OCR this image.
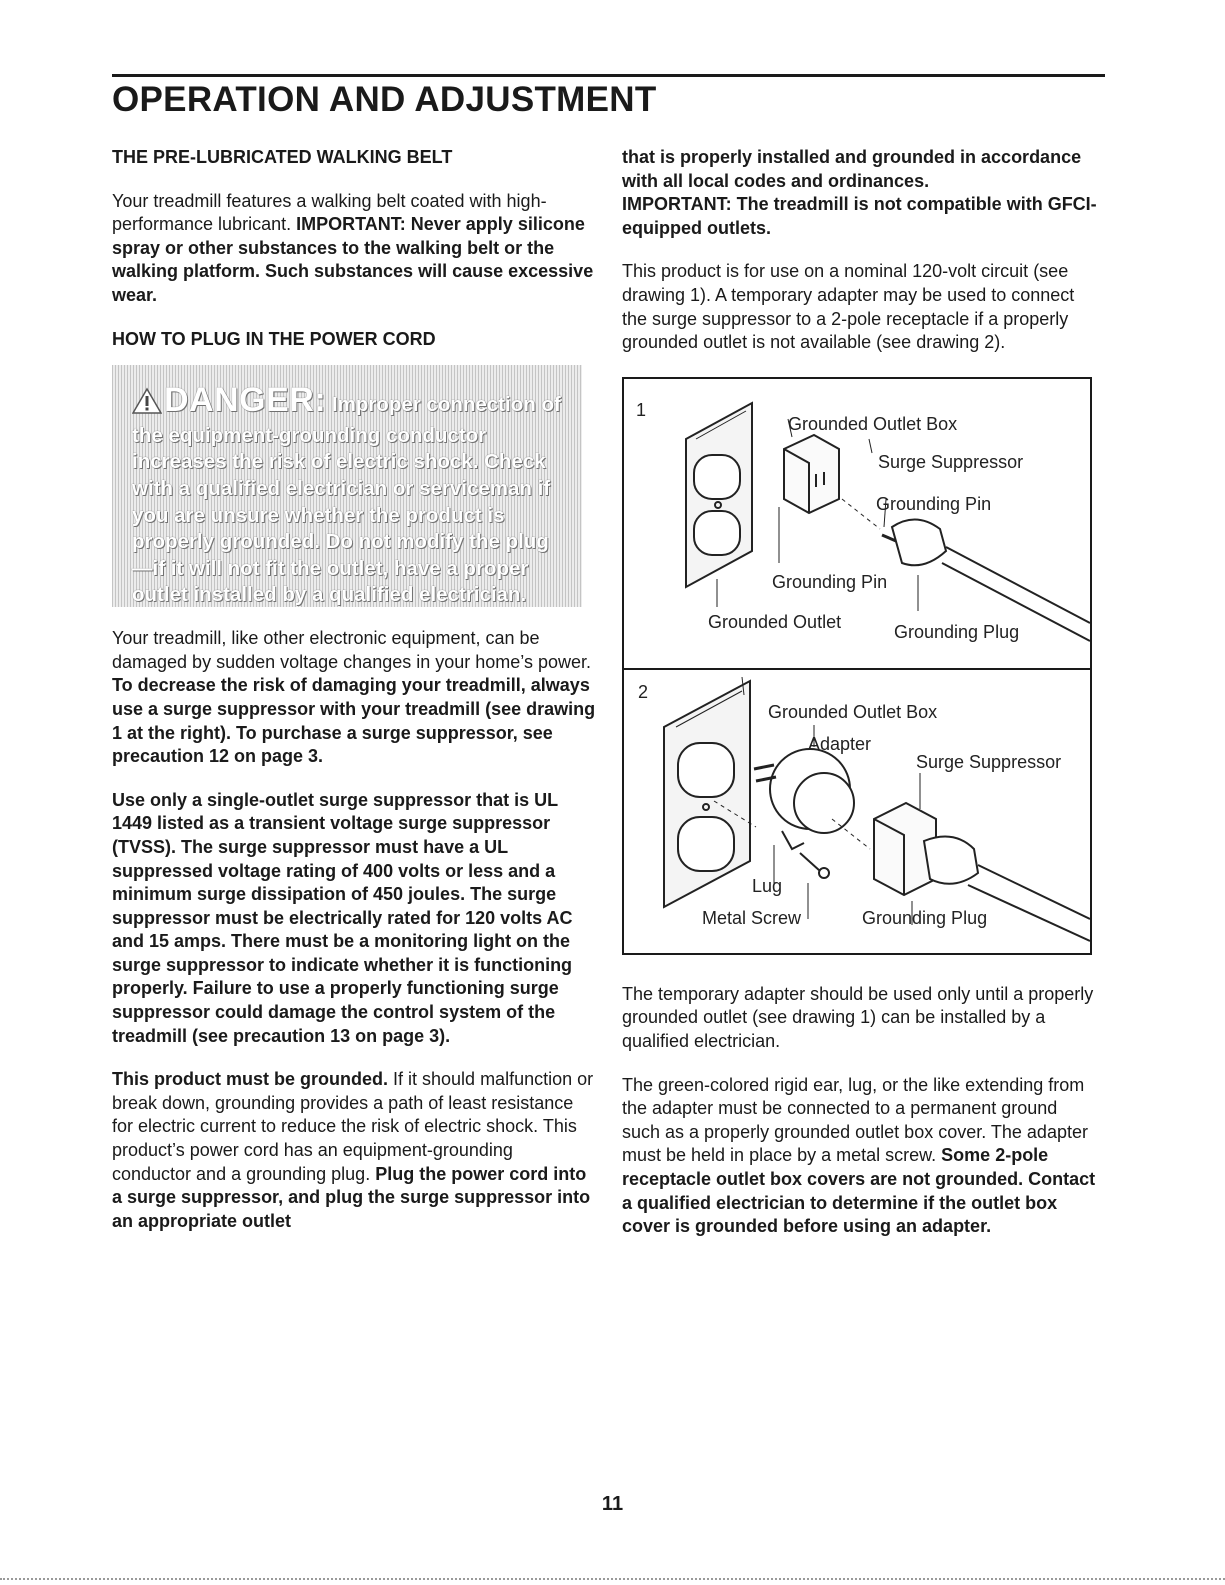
OPERATION AND ADJUSTMENT

THE PRE-LUBRICATED WALKING BELT

Your treadmill features a walking belt coated with high-performance lubricant. IMPORTANT: Never apply silicone spray or other substances to the walking belt or the walking platform. Such substances will cause excessive wear.

HOW TO PLUG IN THE POWER CORD

DANGER: Improper connection of the equipment-grounding conductor increases the risk of electric shock. Check with a qualified electrician or serviceman if you are unsure whether the product is properly grounded. Do not modify the plug—if it will not fit the outlet, have a proper outlet installed by a qualified electrician.

Your treadmill, like other electronic equipment, can be damaged by sudden voltage changes in your home’s power. To decrease the risk of damaging your treadmill, always use a surge suppressor with your treadmill (see drawing 1 at the right). To purchase a surge suppressor, see precaution 12 on page 3.

Use only a single-outlet surge suppressor that is UL 1449 listed as a transient voltage surge suppressor (TVSS). The surge suppressor must have a UL suppressed voltage rating of 400 volts or less and a minimum surge dissipation of 450 joules. The surge suppressor must be electrically rated for 120 volts AC and 15 amps. There must be a monitoring light on the surge suppressor to indicate whether it is functioning properly. Failure to use a properly functioning surge suppressor could damage the control system of the treadmill (see precaution 13 on page 3).

This product must be grounded. If it should malfunction or break down, grounding provides a path of least resistance for electric current to reduce the risk of electric shock. This product’s power cord has an equipment-grounding conductor and a grounding plug. Plug the power cord into a surge suppressor, and plug the surge suppressor into an appropriate outlet

that is properly installed and grounded in accordance with all local codes and ordinances.

IMPORTANT: The treadmill is not compatible with GFCI-equipped outlets.

This product is for use on a nominal 120-volt circuit (see drawing 1). A temporary adapter may be used to connect the surge suppressor to a 2-pole receptacle if a properly grounded outlet is not available (see drawing 2).

1
Grounded Outlet Box
Surge Suppressor
Grounding Pin
Grounding Pin
Grounded Outlet	Grounding Plug
2
Grounded Outlet Box
Adapter
Surge Suppressor
Lug
Metal Screw	Grounding Plug

The temporary adapter should be used only until a properly grounded outlet (see drawing 1) can be installed by a qualified electrician.

The green-colored rigid ear, lug, or the like extending from the adapter must be connected to a permanent ground such as a properly grounded outlet box cover. The adapter must be held in place by a metal screw. Some 2-pole receptacle outlet box covers are not grounded. Contact a qualified electrician to determine if the outlet box cover is grounded before using an adapter.

11
